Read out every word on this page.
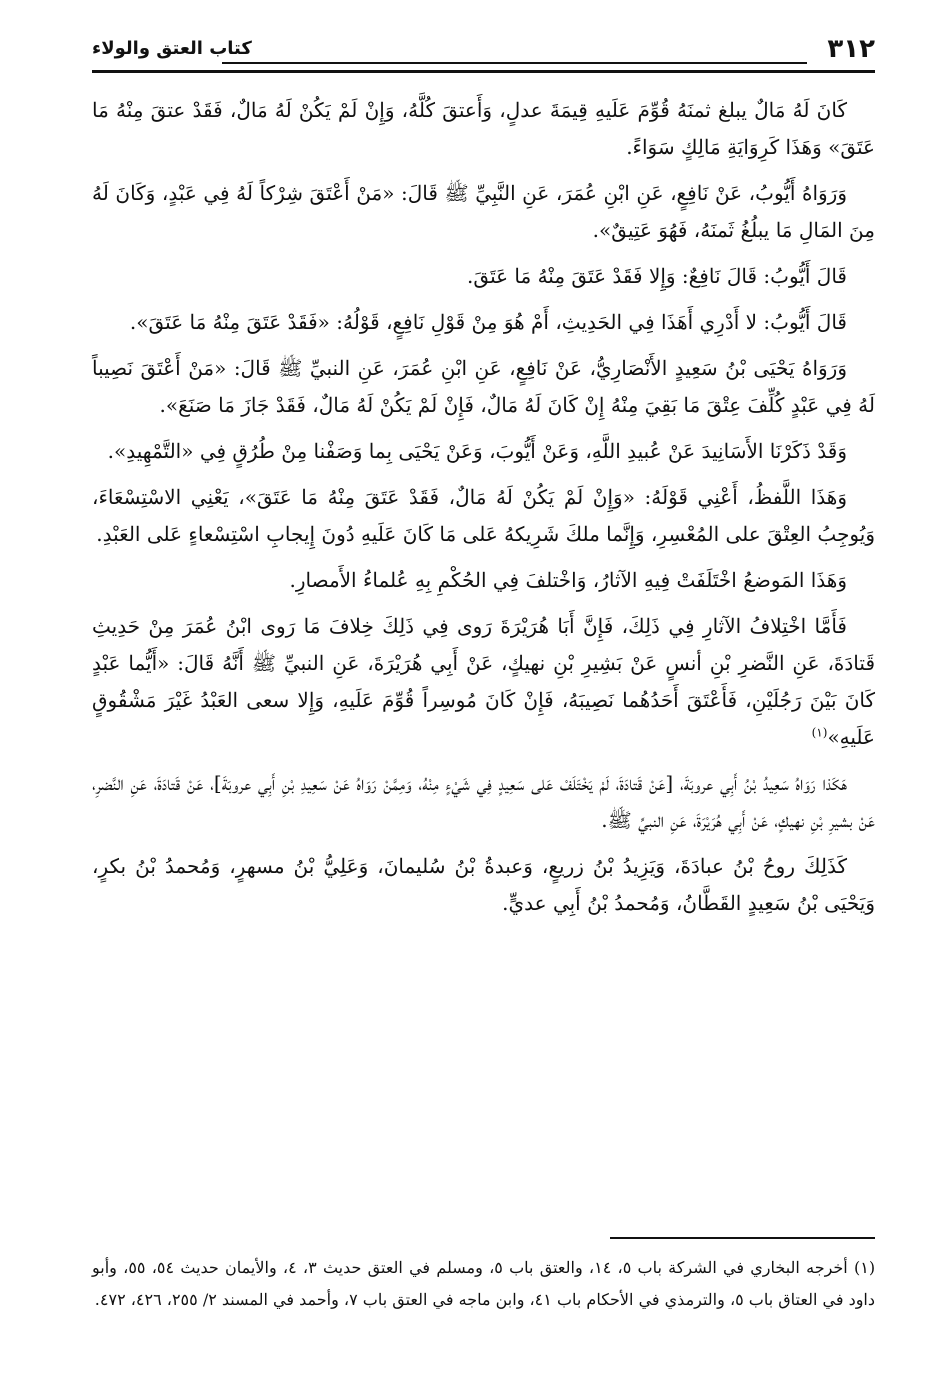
٣١٢
كتاب العتق والولاء

كَانَ لَهُ مَالٌ يبلغ ثمنَهُ قُوِّمَ عَلَيهِ قِيمَةَ عدلٍ، وَأَعتقَ كُلَّهُ، وَإِنْ لَمْ يَكُنْ لَهُ مَالٌ، فَقَدْ عتقَ مِنْهُ مَا عَتَقَ» وَهَذَا كَرِوَايَةِ مَالِكٍ سَوَاءً.

وَرَوَاهُ أَيُّوبُ، عَنْ نَافِعٍ، عَنِ ابْنِ عُمَرَ، عَنِ النَّبِيِّ ﷺ قَالَ: «مَنْ أَعْتَقَ شِرْكاً لَهُ فِي عَبْدٍ، وَكَانَ لَهُ مِنَ المَالِ مَا يبلُغُ ثَمنَهُ، فَهُوَ عَتِيقٌ».

قَالَ أَيُّوبُ: قَالَ نَافِعٌ: وَإِلا فَقَدْ عَتَقَ مِنْهُ مَا عَتَقَ.

قَالَ أَيُّوبُ: لا أَدْرِي أَهَذَا فِي الحَدِيثِ، أَمْ هُوَ مِنْ قَوْلِ نَافِعٍ، قَوْلُهُ: «فَقَدْ عَتَقَ مِنْهُ مَا عَتَقَ».

وَرَوَاهُ يَحْيَى بْنُ سَعِيدٍ الأَنْصَارِيُّ، عَنْ نَافِعٍ، عَنِ ابْنِ عُمَرَ، عَنِ النبيِّ ﷺ قَالَ: «مَنْ أَعْتَقَ نَصِيباً لَهُ فِي عَبْدٍ كُلِّفَ عِتْقَ مَا بَقِيَ مِنْهُ إِنْ كَانَ لَهُ مَالٌ، فَإِنْ لَمْ يَكُنْ لَهُ مَالٌ، فَقَدْ جَازَ مَا صَنَعَ».

وَقَدْ ذَكَرْنَا الأَسَانِيدَ عَنْ عُبيدِ اللَّهِ، وَعَنْ أَيُّوبَ، وَعَنْ يَحْيَى بِما وَصَفْنا مِنْ طُرُقٍ فِي «التَّمْهِيدِ».

وَهَذَا اللَّفظُ، أَعْنِي قَوْلَهُ: «وَإِنْ لَمْ يَكُنْ لَهُ مَالٌ، فَقَدْ عَتَقَ مِنْهُ مَا عَتَقَ»، يَعْنِي الاسْتِسْعَاءَ، وَيُوجِبُ العِتْقَ على المُعْسِرِ، وَإِنَّما ملكَ شَرِيكهُ عَلى مَا كَانَ عَلَيهِ دُونَ إِيجابِ اسْتِسْعاءٍ عَلى العَبْدِ.

وَهَذَا المَوضعُ اخْتَلَفَتْ فِيهِ الآثارُ، وَاخْتلفَ فِي الحُكْمِ بِهِ عُلماءُ الأَمصارِ.

فَأَمَّا اخْتِلافُ الآثارِ فِي ذَلِكَ، فَإِنَّ أَبَا هُرَيْرَةَ رَوى فِي ذَلِكَ خِلافَ مَا رَوى ابْنُ عُمَرَ مِنْ حَدِيثِ قَتادَةَ، عَنِ النَّضرِ بْنِ أنسٍ عَنْ بَشِيرِ بْنِ نهيكٍ، عَنْ أَبِي هُرَيْرَةَ، عَنِ النبيِّ ﷺ أَنَّهُ قَالَ: «أَيُّما عَبْدٍ كَانَ بَيْنَ رَجُلَيْنِ، فَأَعْتَقَ أَحَدُهُما نَصِيبَهُ، فَإِنْ كَانَ مُوسِراً قُوِّمَ عَلَيهِ، وَإِلا سعى العَبْدُ غَيْرَ مَشْقُوقٍ عَلَيهِ»$^{(١)}$

هَكَذا رَوَاهُ سَعِيدُ بْنُ أَبِي عروبَةَ، [عَنْ قَتادَةَ، لَمْ يَخْتَلَفْ عَلى سَعِيدٍ فِي شَيْءٍ مِنْهُ، وَمِمَّنْ رَوَاهُ عَنْ سَعِيدِ بْنِ أَبِي عروبَةَ]، عَنْ قَتادَةَ، عَنِ النَّضرِ، عَنْ بشيرِ بْنِ نهيكٍ، عَنْ أَبِي هُرَيْرَةَ، عَنِ النبيِّ ﷺ.

كَذَلِكَ روحُ بْنُ عبادَةَ، وَيَزِيدُ بْنُ زريعٍ، وَعبدةُ بْنُ سُليمانَ، وَعَلِيُّ بْنُ مسهرٍ، وَمُحمدُ بْنُ بكرٍ، وَيَحْيَى بْنُ سَعِيدٍ القَطَّانُ، وَمُحمدُ بْنُ أَبِي عديٍّ.

(١) أخرجه البخاري في الشركة باب ٥، ١٤، والعتق باب ٥، ومسلم في العتق حديث ٣، ٤، والأيمان حديث ٥٤، ٥٥، وأبو داود في العتاق باب ٥، والترمذي في الأحكام باب ٤١، وابن ماجه في العتق باب ٧، وأحمد في المسند ٢/ ٢٥٥، ٤٢٦، ٤٧٢.
